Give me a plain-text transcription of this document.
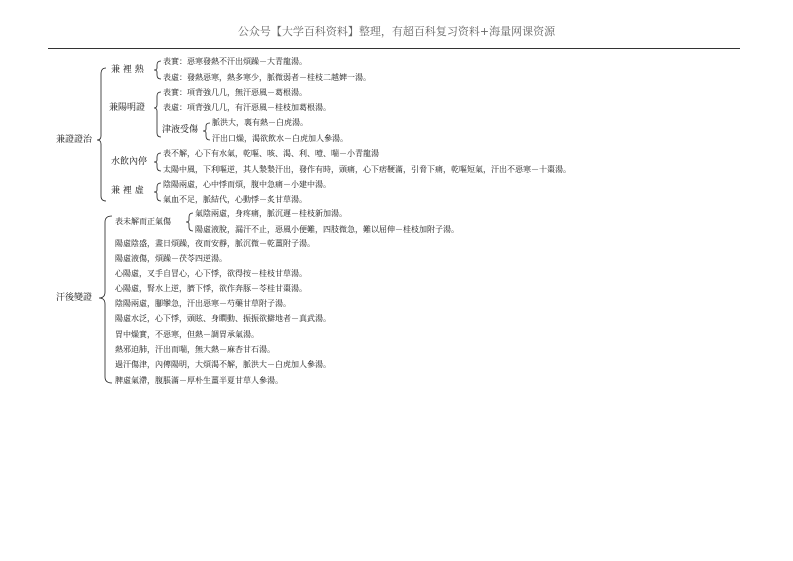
公众号【大学百科资料】整理，有超百科复习资料+海量网课资源
兼證證治
兼 裡 熱
表實：惡寒發熱不汗出煩躁－大青龍湯。
表虛：發熱惡寒，熱多寒少，脈微弱者－桂枝二越婢一湯。
兼陽明證
表實：項背強几几，無汗惡風－葛根湯。
表虛：項背強几几，有汗惡風－桂枝加葛根湯。
津液受傷
脈洪大，裏有熱－白虎湯。
汗出口燥，渴欲飲水－白虎加人參湯。
水飲內停
表不解，心下有水氣，乾嘔、咳、渴、利、噎、喘－小青龍湯
太陽中風，下利嘔逆，其人漐漐汗出，發作有時，頭痛，心下痞鞕滿，引脅下痛，乾嘔短氣，汗出不惡寒－十棗湯。
兼 裡 虛
陰陽兩虛，心中悸而煩，腹中急痛－小建中湯。
氣血不足，脈結代，心動悸－炙甘草湯。
汗後變證
表未解而正氣傷
氣陰兩虛，身疼痛，脈沉遲－桂枝新加湯。
陽虛液脫，漏汗不止，惡風小便難，四肢微急，難以屈伸－桂枝加附子湯。
陽虛陰盛，晝日煩躁，夜而安靜，脈沉微－乾薑附子湯。
陽虛液傷，煩躁－茯苓四逆湯。
心陽虛，叉手自冒心，心下悸，欲得按－桂枝甘草湯。
心陽虛，腎水上逆，臍下悸，欲作奔豚－苓桂甘棗湯。
陰陽兩虛，腳攣急，汗出惡寒－芍藥甘草附子湯。
陽虛水泛，心下悸，頭眩、身瞤動、振振欲擗地者－真武湯。
胃中燥實，不惡寒，但熱－調胃承氣湯。
熱邪迫肺，汗出而喘，無大熱－麻杏甘石湯。
過汗傷津，內傳陽明，大煩渴不解，脈洪大－白虎加人參湯。
脾虛氣滯，腹脹滿－厚朴生薑半夏甘草人參湯。
